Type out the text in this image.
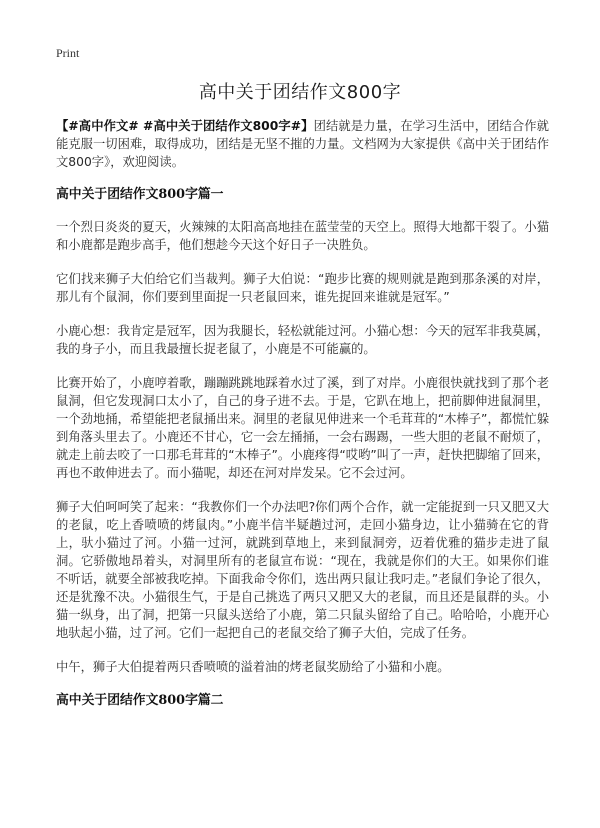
Print
高中关于团结作文800字

【#高中作文# #高中关于团结作文800字#】团结就是力量，在学习生活中，团结合作就能克服一切困难，取得成功，团结是无坚不摧的力量。文档网为大家提供《高中关于团结作文800字》，欢迎阅读。

高中关于团结作文800字篇一

一个烈日炎炎的夏天，火辣辣的太阳高高地挂在蓝莹莹的天空上。照得大地都干裂了。小猫和小鹿都是跑步高手，他们想趁今天这个好日子一决胜负。

它们找来狮子大伯给它们当裁判。狮子大伯说：“跑步比赛的规则就是跑到那条溪的对岸，那儿有个鼠洞，你们要到里面捉一只老鼠回来，谁先捉回来谁就是冠军。”

小鹿心想：我肯定是冠军，因为我腿长，轻松就能过河。小猫心想：今天的冠军非我莫属，我的身子小，而且我最擅长捉老鼠了，小鹿是不可能赢的。

比赛开始了，小鹿哼着歌，蹦蹦跳跳地踩着水过了溪，到了对岸。小鹿很快就找到了那个老鼠洞，但它发现洞口太小了，自己的身子进不去。于是，它趴在地上，把前脚伸进鼠洞里，一个劲地捅，希望能把老鼠捅出来。洞里的老鼠见伸进来一个毛茸茸的“木棒子”，都慌忙躲到角落头里去了。小鹿还不甘心，它一会左捅捅，一会右踢踢，一些大胆的老鼠不耐烦了，就走上前去咬了一口那毛茸茸的“木棒子”。小鹿疼得“哎哟”叫了一声，赶快把脚缩了回来，再也不敢伸进去了。而小猫呢，却还在河对岸发呆。它不会过河。

狮子大伯呵呵笑了起来：“我教你们一个办法吧?你们两个合作，就一定能捉到一只又肥又大的老鼠，吃上香喷喷的烤鼠肉。”小鹿半信半疑趟过河，走回小猫身边，让小猫骑在它的背上，驮小猫过了河。小猫一过河，就跳到草地上，来到鼠洞旁，迈着优雅的猫步走进了鼠洞。它骄傲地昂着头，对洞里所有的老鼠宣布说：“现在，我就是你们的大王。如果你们谁不听话，就要全部被我吃掉。下面我命令你们，选出两只鼠让我叼走。”老鼠们争论了很久，还是犹豫不决。小猫很生气，于是自己挑选了两只又肥又大的老鼠，而且还是鼠群的头。小猫一纵身，出了洞，把第一只鼠头送给了小鹿，第二只鼠头留给了自己。哈哈哈，小鹿开心地驮起小猫，过了河。它们一起把自己的老鼠交给了狮子大伯，完成了任务。

中午，狮子大伯提着两只香喷喷的溢着油的烤老鼠奖励给了小猫和小鹿。

高中关于团结作文800字篇二
